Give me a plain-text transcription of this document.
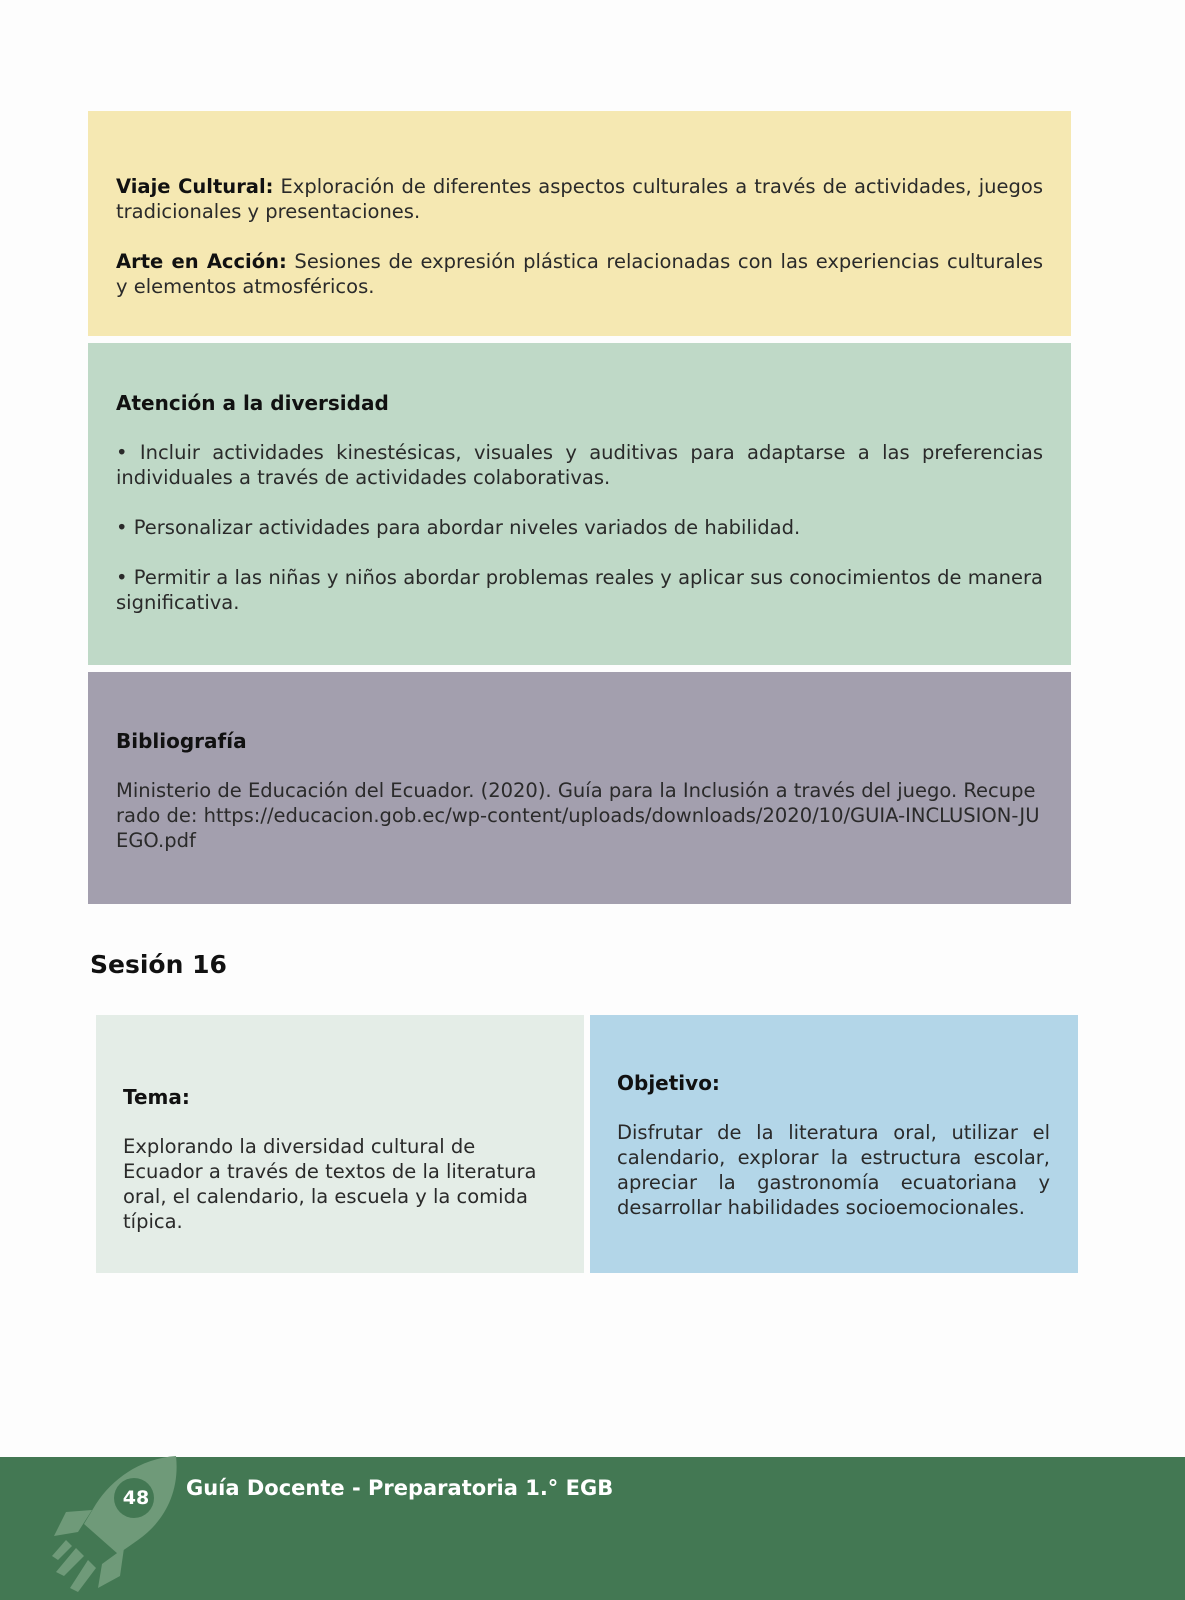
Viaje Cultural: Exploración de diferentes aspectos culturales a través de actividades, juegos tradicionales y presentaciones.

Arte en Acción: Sesiones de expresión plástica relacionadas con las experiencias culturales y elementos atmosféricos.

Atención a la diversidad

• Incluir actividades kinestésicas, visuales y auditivas para adaptarse a las preferencias individuales a través de actividades colaborativas.

• Personalizar actividades para abordar niveles variados de habilidad.

• Permitir a las niñas y niños abordar problemas reales y aplicar sus conocimientos de manera significativa.

Bibliografía

Ministerio de Educación del Ecuador. (2020). Guía para la Inclusión a través del juego. Recuperado de: https://educacion.gob.ec/wp-content/uploads/downloads/2020/10/GUIA-INCLUSION-JUEGO.pdf

Sesión 16

Tema:

Explorando la diversidad cultural de Ecuador a través de textos de la literatura oral, el calendario, la escuela y la comida típica.

Objetivo:

Disfrutar de la literatura oral, utilizar el calendario, explorar la estructura escolar, apreciar la gastronomía ecuatoriana y desarrollar habilidades socioemocionales.

48	Guía Docente - Preparatoria 1.° EGB
